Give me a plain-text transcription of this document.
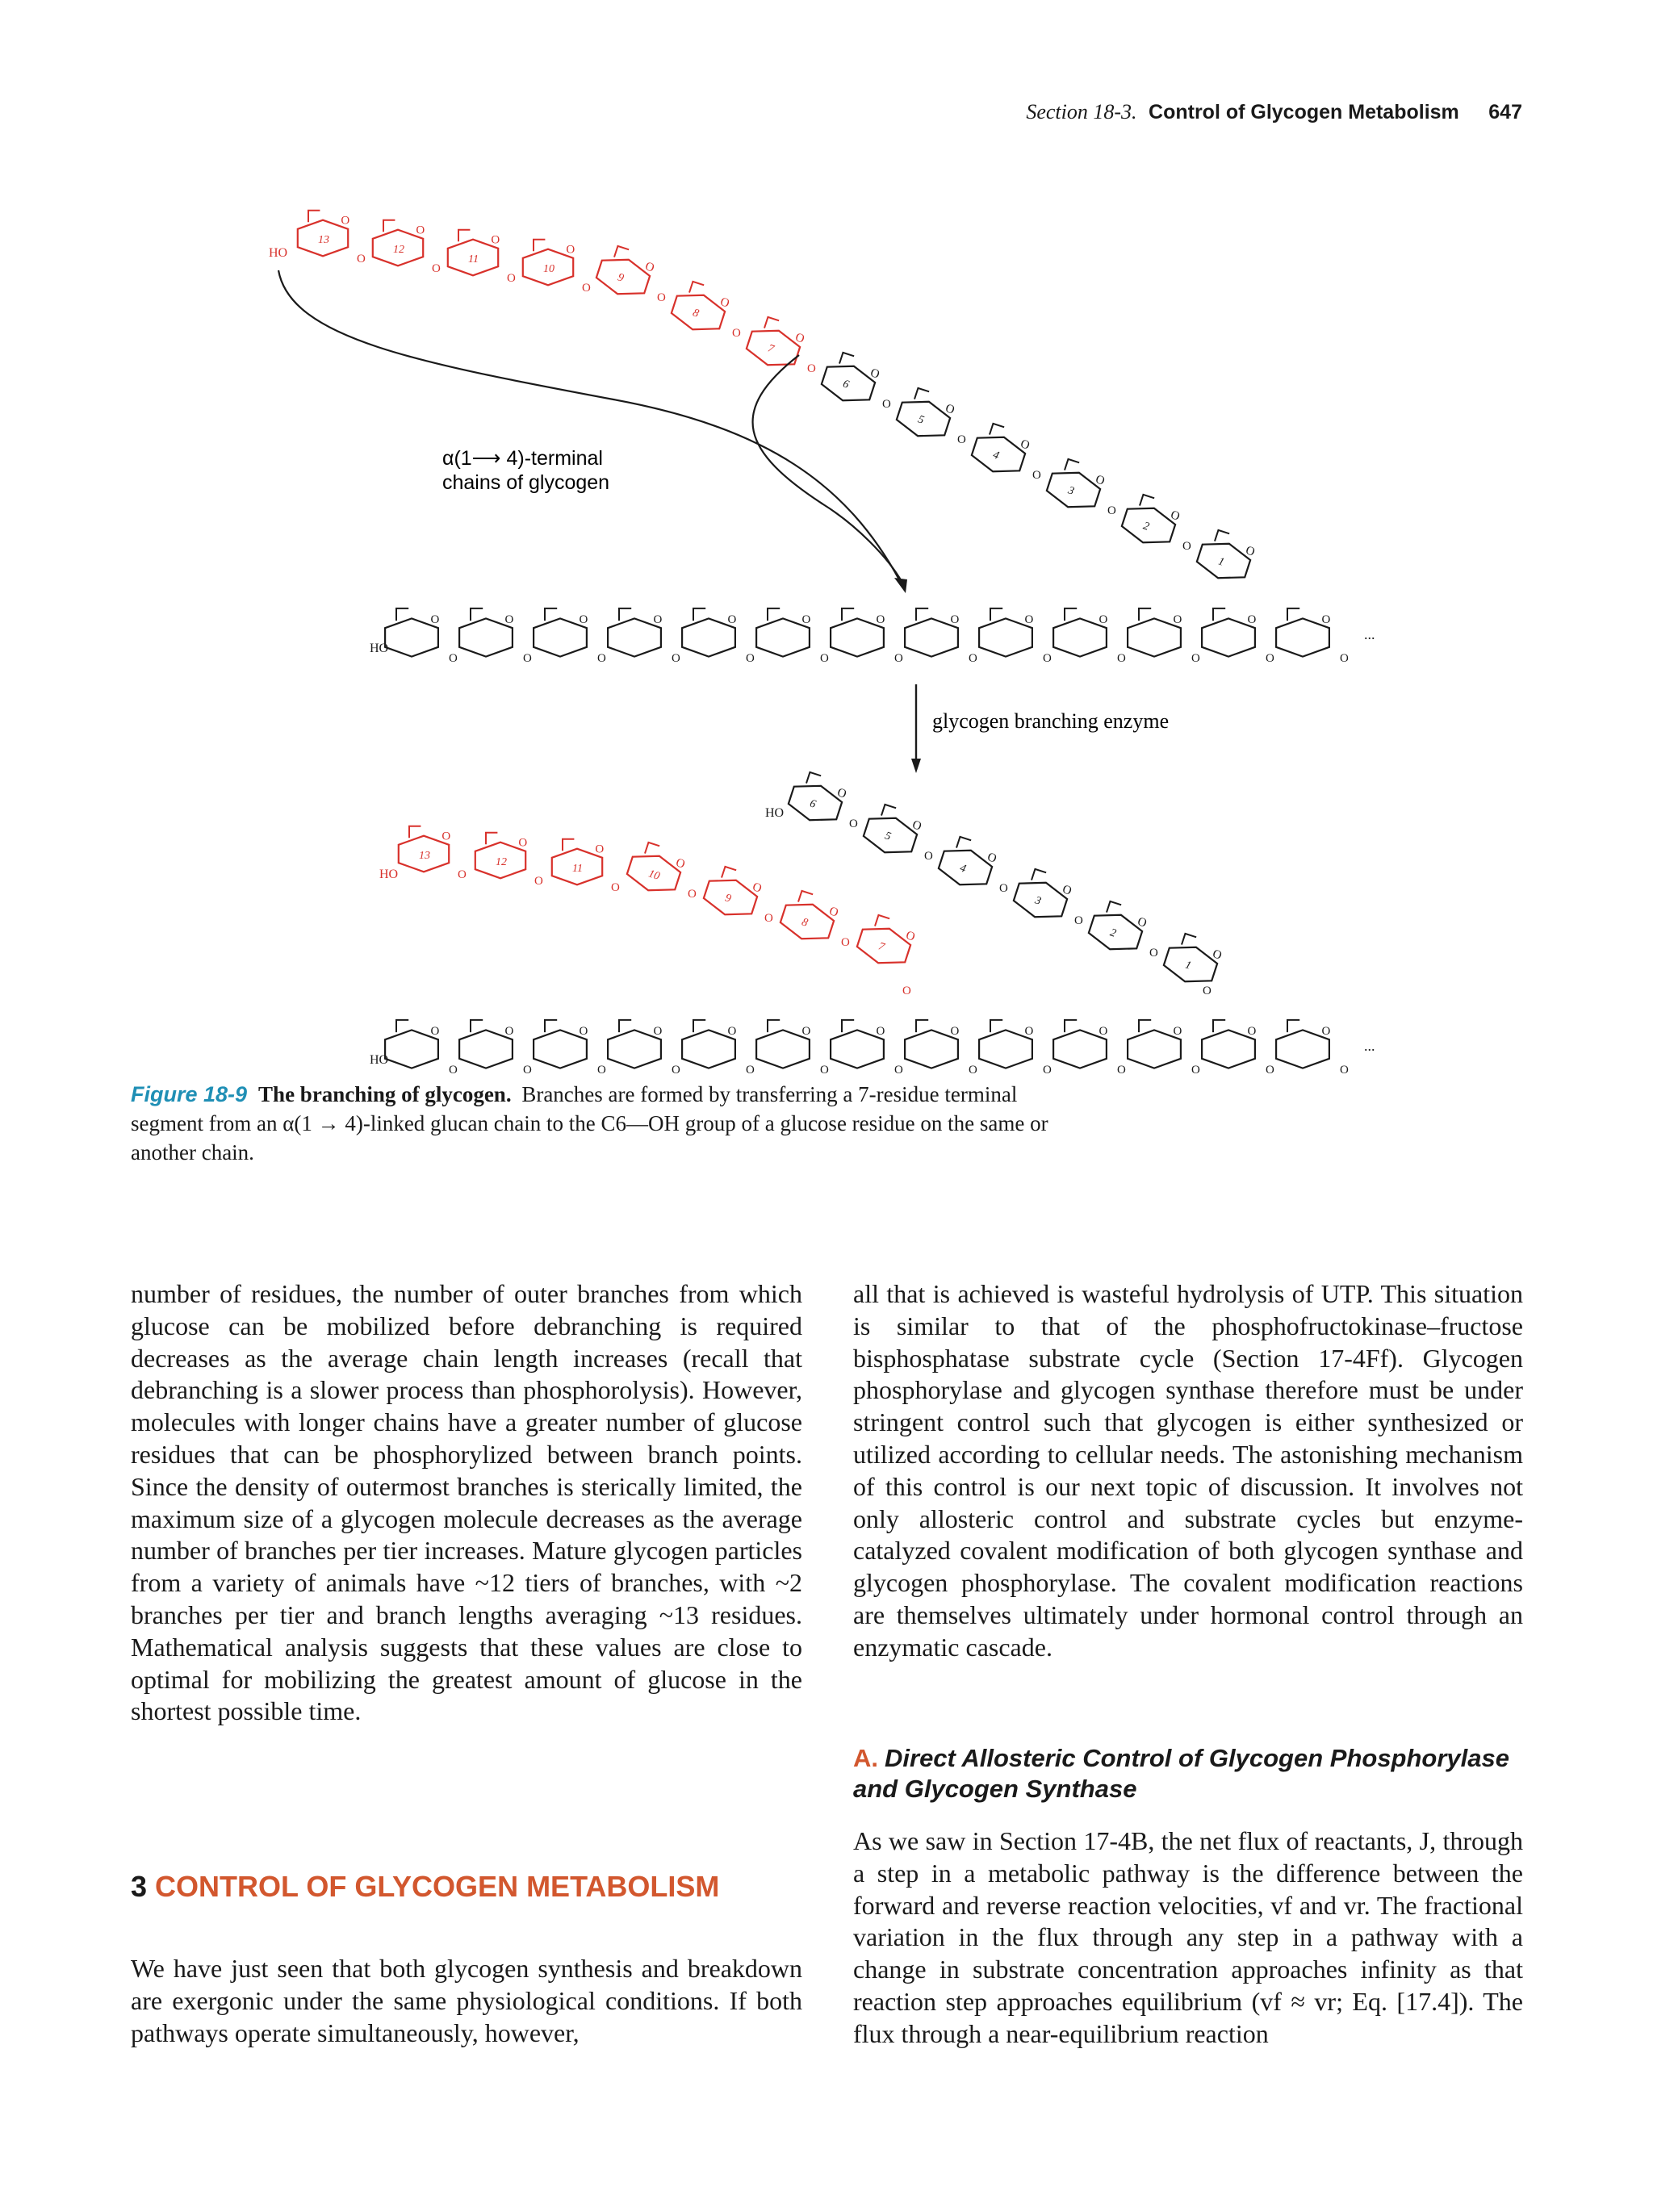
Section 18-3. Control of Glycogen Metabolism 647
HO
O
13
O
O
12
O
O
11
O
O
10
O
O
9
O	O
8
O	O
7
O	O
6
O	O
5
O	O
4
O	O
3
O	O
2
O	O
1
HO
O
O
O
O
O
O
O
O
O
O
O
O
O
O
O
O
O
O
O
O
O
O
O
O
O
O
...
HO
O
13
O
O
12
O
O
11
O
O
10
O	O
9
O	O
8
O	O
7
HO
O
6
O	O
5
O	O
4
O	O
3
O	O
2
O	O
1
O	O
HO
O
O
O
O
O
O
O
O
O
O
O
O
O
O
O
O
O
O
O
O
O
O
O
O
O
O
...
α(1⟶ 4)-terminal
chains of glycogen
glycogen branching enzyme
Figure 18-9 The branching of glycogen. Branches are formed by transferring a 7-residue terminal segment from an α(1 → 4)-linked glucan chain to the C6—OH group of a glucose residue on the same or another chain.

number of residues, the number of outer branches from which glucose can be mobilized before debranching is required decreases as the average chain length increases (recall that debranching is a slower process than phosphorolysis). However, molecules with longer chains have a greater number of glucose residues that can be phosphorylized between branch points. Since the density of outermost branches is sterically limited, the maximum size of a glycogen molecule decreases as the average number of branches per tier increases. Mature glycogen particles from a variety of animals have ~12 tiers of branches, with ~2 branches per tier and branch lengths averaging ~13 residues. Mathematical analysis suggests that these values are close to optimal for mobilizing the greatest amount of glucose in the shortest possible time.

3 CONTROL OF GLYCOGEN METABOLISM

We have just seen that both glycogen synthesis and breakdown are exergonic under the same physiological conditions. If both pathways operate simultaneously, however,

all that is achieved is wasteful hydrolysis of UTP. This situation is similar to that of the phosphofructokinase–fructose bisphosphatase substrate cycle (Section 17-4Ff). Glycogen phosphorylase and glycogen synthase therefore must be under stringent control such that glycogen is either synthesized or utilized according to cellular needs. The astonishing mechanism of this control is our next topic of discussion. It involves not only allosteric control and substrate cycles but enzyme-catalyzed covalent modification of both glycogen synthase and glycogen phosphorylase. The covalent modification reactions are themselves ultimately under hormonal control through an enzymatic cascade.

A. Direct Allosteric Control of Glycogen Phosphorylase and Glycogen Synthase

As we saw in Section 17-4B, the net flux of reactants, J, through a step in a metabolic pathway is the difference between the forward and reverse reaction velocities, vf and vr. The fractional variation in the flux through any step in a pathway with a change in substrate concentration approaches infinity as that reaction step approaches equilibrium (vf ≈ vr; Eq. [17.4]). The flux through a near-equilibrium reaction
